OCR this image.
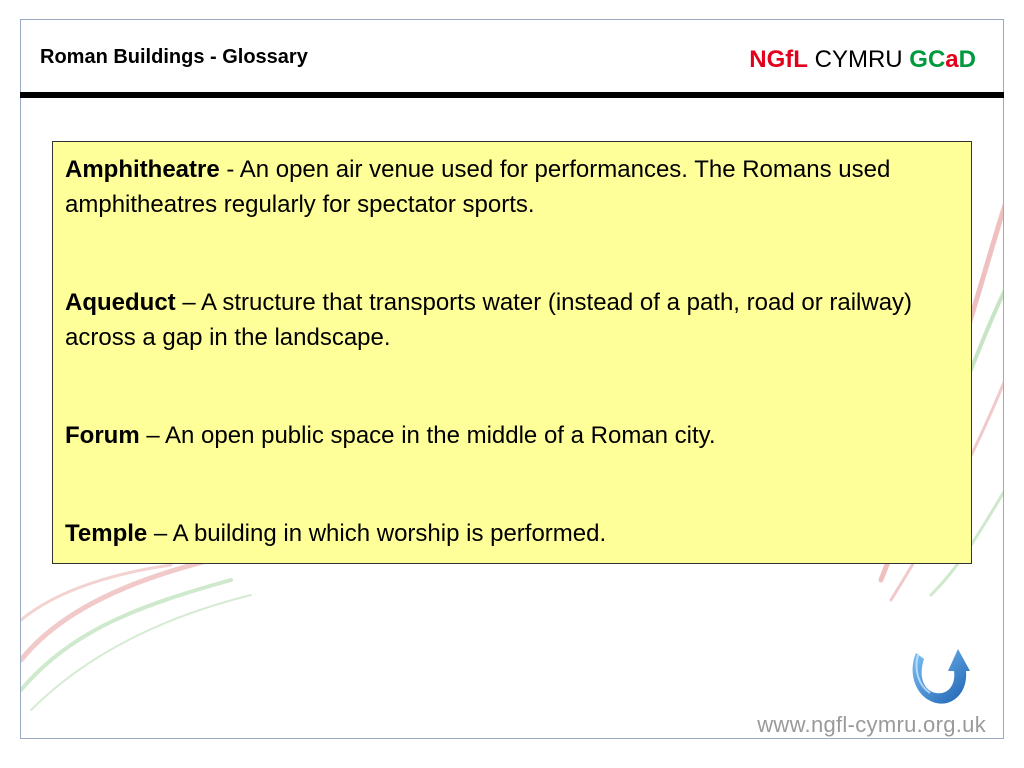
Roman Buildings - Glossary	NGfL CYMRU GCaD
Amphitheatre - An open air venue used for performances. The Romans used amphitheatres regularly for spectator sports.
Aqueduct – A structure that transports water (instead of a path, road or railway) across a gap in the landscape.
Forum – An open public space in the middle of a Roman city.
Temple – A building in which worship is performed.
www.ngfl-cymru.org.uk
